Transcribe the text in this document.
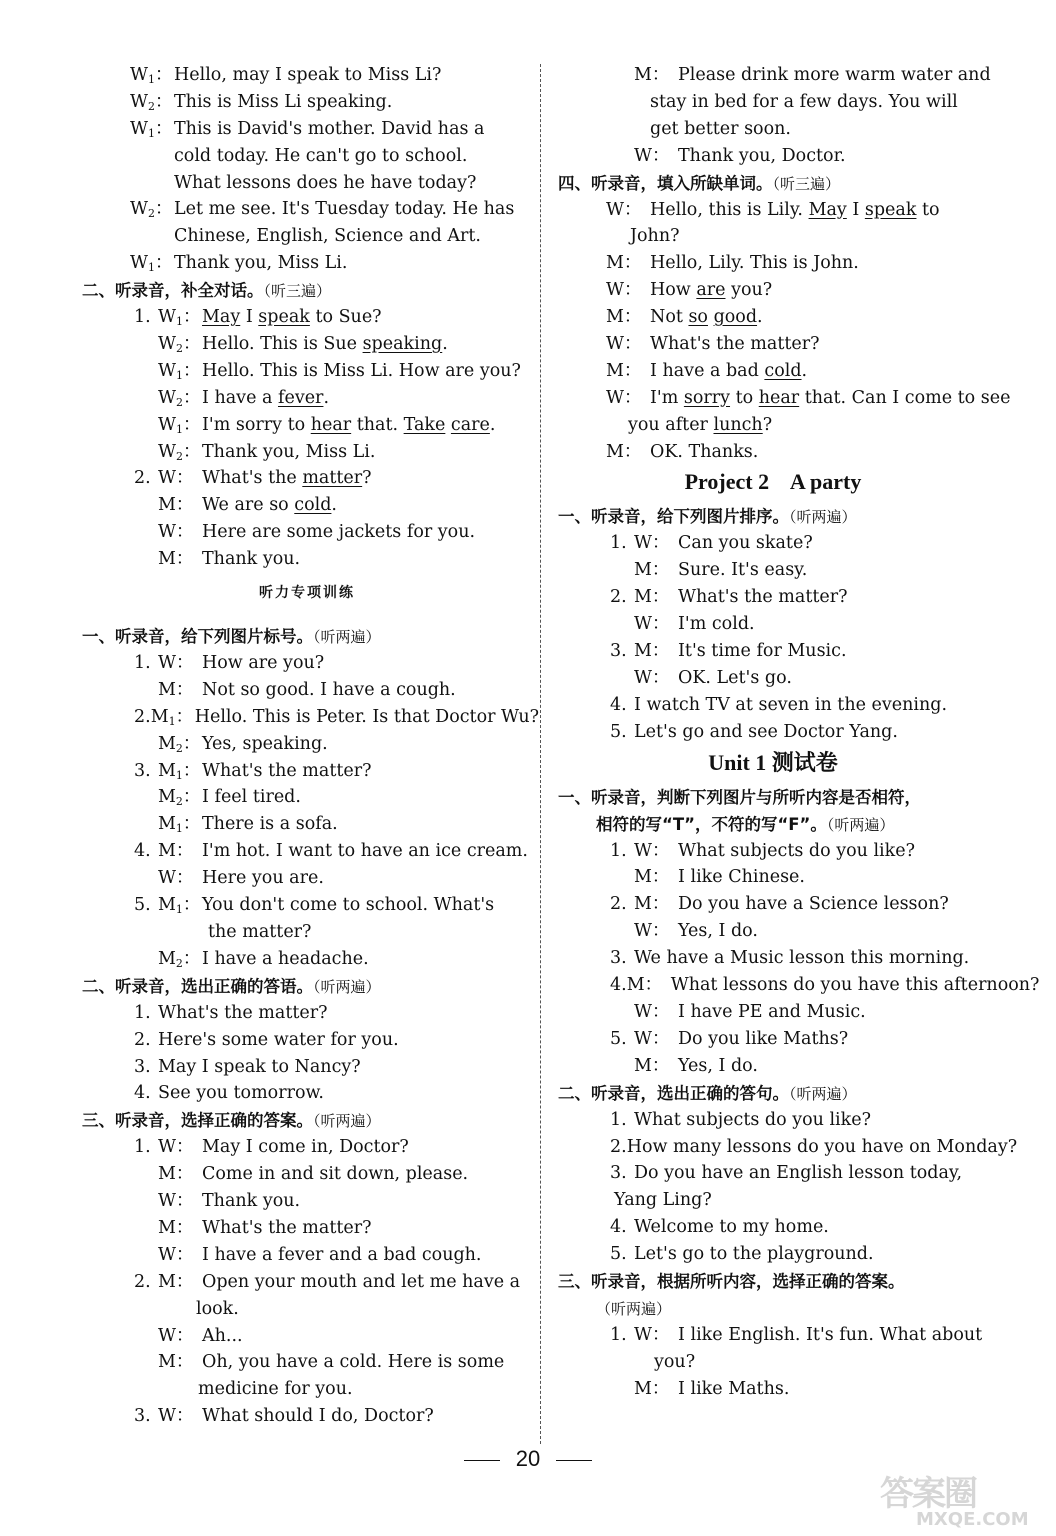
$W_1$： Hello, may I speak to Miss Li?
$W_2$： This is Miss Li speaking.
$W_1$： This is David's mother. David has a
cold today. He can't go to school.
What lessons does he have today?
$W_2$： Let me see. It's Tuesday today. He has
Chinese, English, Science and Art.
$W_1$： Thank you, Miss Li.
二、听录音，补全对话。（听三遍）
1. $W_1$： May I speak to Sue?
$W_2$： Hello. This is Sue speaking .
$W_1$： Hello. This is Miss Li. How are you?
$W_2$： I have a fever .
$W_1$： I'm sorry to hear that. Take
care .
$W_2$： Thank you, Miss Li.
2. W： What's the matter ?
M： We are so cold .
W： Here are some jackets for you.
M： Thank you.
听力专项训练
一、听录音，给下列图片标号。（听两遍）
1. W： How are you?
M： Not so good. I have a cough.
2. $M_1$： Hello. This is Peter. Is that Doctor Wu?
$M_2$： Yes, speaking.
3. $M_1$： What's the matter?
$M_2$： I feel tired.
$M_1$： There is a sofa.
4. M： I'm hot. I want to have an ice cream.
W： Here you are.
5. $M_1$： You don't come to school. What's
the matter?
$M_2$： I have a headache.
二、听录音，选出正确的答语。（听两遍）
1. What's the matter?
2. Here's some water for you.
3. May I speak to Nancy?
4. See you tomorrow.
三、听录音，选择正确的答案。（听两遍）
1. W： May I come in, Doctor?
M： Come in and sit down, please.
W： Thank you.
M： What's the matter?
W： I have a fever and a bad cough.
2. M： Open your mouth and let me have a
look.
W： Ah...
M： Oh, you have a cold. Here is some
medicine for you.
3. W： What should I do, Doctor?
M： Please drink more warm water and
stay in bed for a few days. You will
get better soon.
W： Thank you, Doctor.
四、听录音，填入所缺单词。（听三遍）
W： Hello, this is Lily. May I speak to
John?
M： Hello, Lily. This is John.
W： How are you?
M： Not so
good .
W： What's the matter?
M： I have a bad cold .
W： I'm sorry to hear that. Can I come to see
you after lunch ?
M： OK. Thanks.
Project 2    A party
一、听录音，给下列图片排序。（听两遍）
1. W： Can you skate?
M： Sure. It's easy.
2. M： What's the matter?
W： I'm cold.
3. M： It's time for Music.
W： OK. Let's go.
4. I watch TV at seven in the evening.
5. Let's go and see Doctor Yang.
Unit 1 测试卷
一、听录音，判断下列图片与所听内容是否相符，
相符的写“T”，不符的写“F”。（听两遍）
1. W： What subjects do you like?
M： I like Chinese.
2. M： Do you have a Science lesson?
W： Yes, I do.
3. We have a Music lesson this morning.
4. M： What lessons do you have this afternoon?
W： I have PE and Music.
5. W： Do you like Maths?
M： Yes, I do.
二、听录音，选出正确的答句。（听两遍）
1. What subjects do you like?
2. How many lessons do you have on Monday?
3. Do you have an English lesson today,
Yang Ling?
4. Welcome to my home.
5. Let's go to the playground.
三、听录音，根据所听内容，选择正确的答案。
（听两遍）
1. W： I like English. It's fun. What about
you?
M： I like Maths.
20
答案圈
MXQE.COM
